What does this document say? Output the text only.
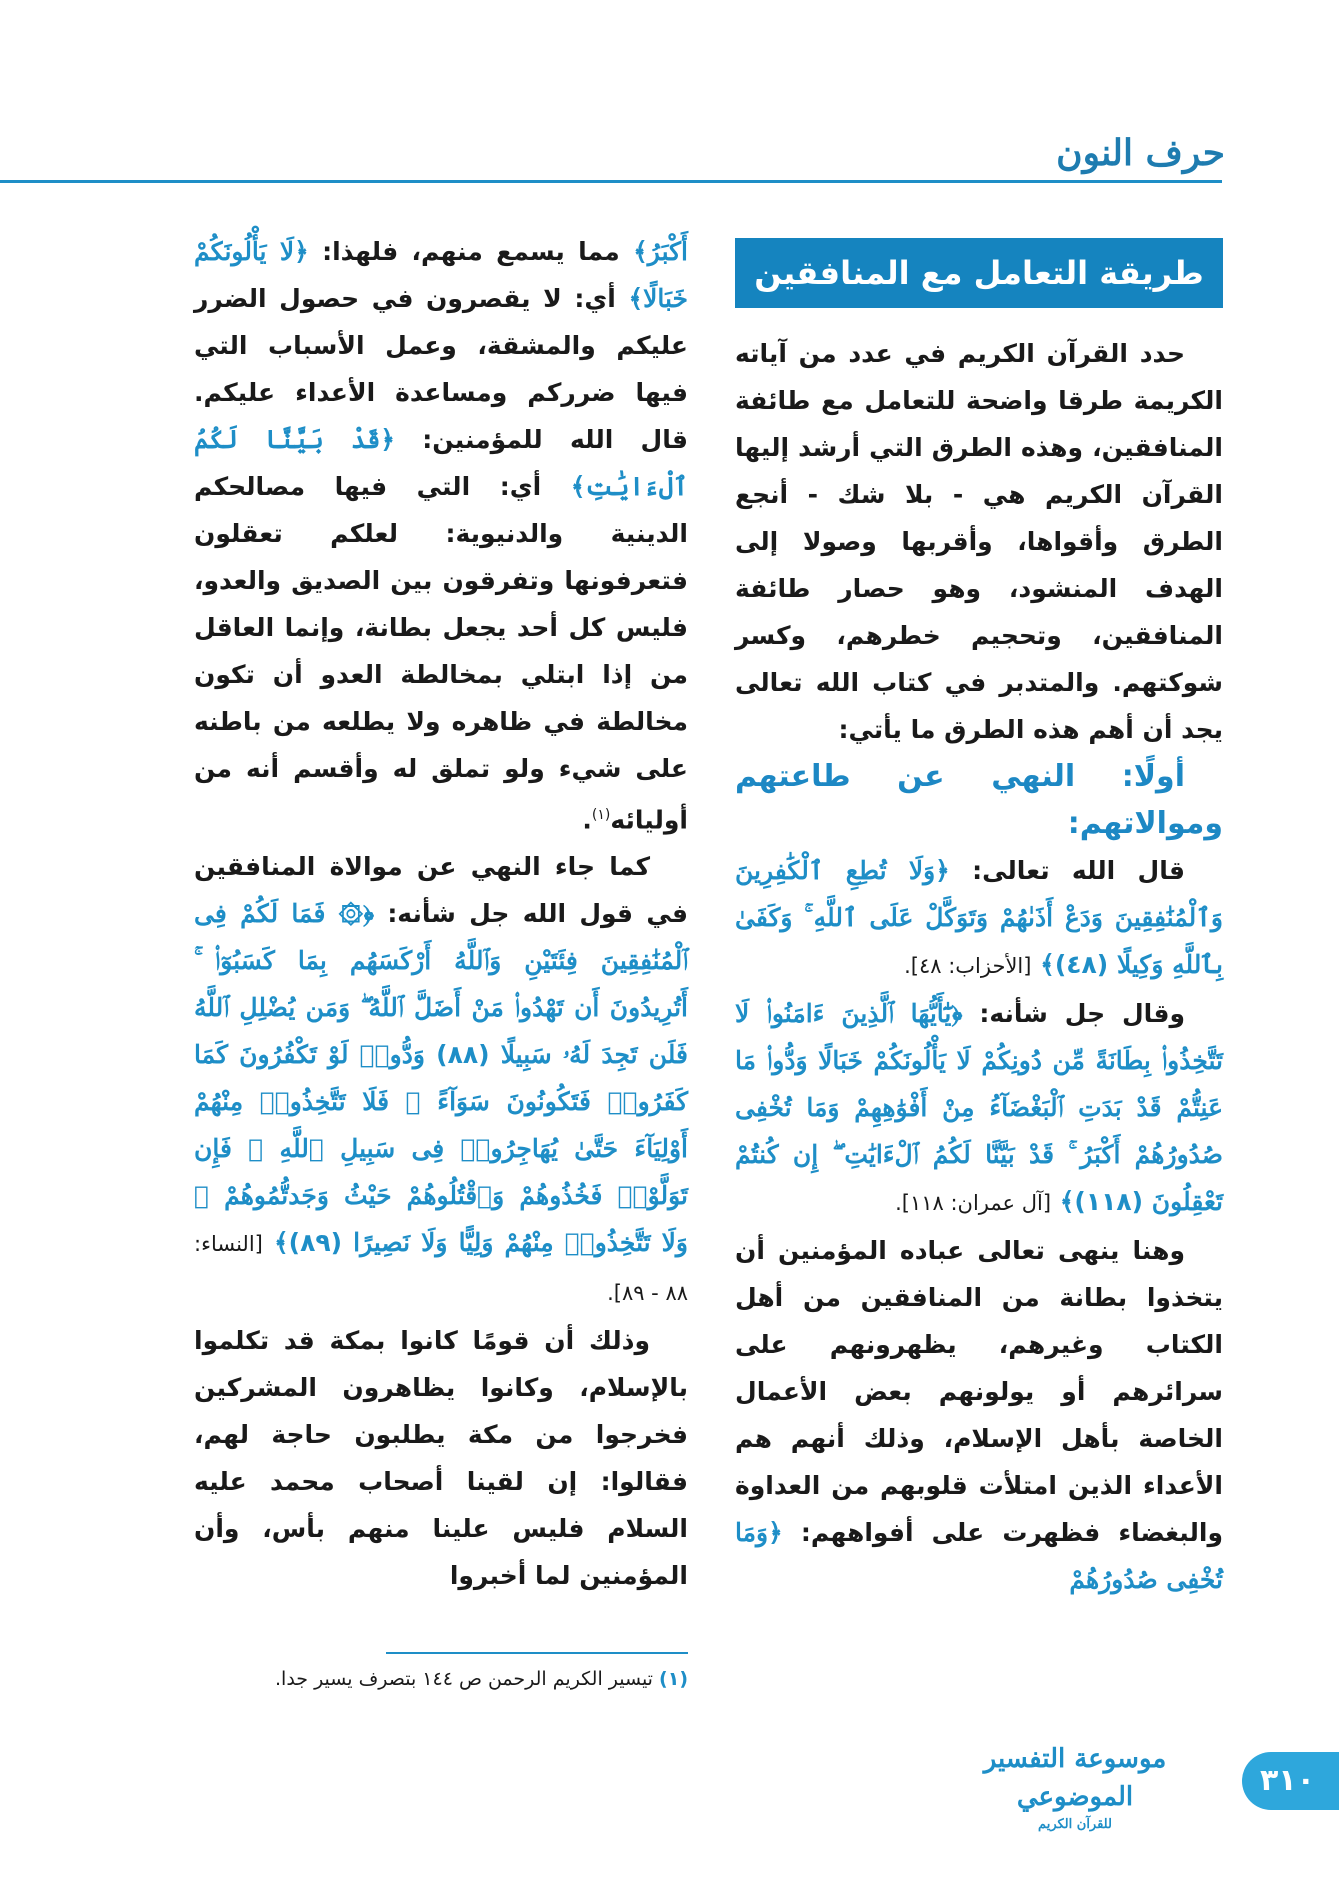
حرف النون
طريقة التعامل مع المنافقين

حدد القرآن الكريم في عدد من آياته الكريمة طرقا واضحة للتعامل مع طائفة المنافقين، وهذه الطرق التي أرشد إليها القرآن الكريم هي - بلا شك - أنجع الطرق وأقواها، وأقربها وصولا إلى الهدف المنشود، وهو حصار طائفة المنافقين، وتحجيم خطرهم، وكسر شوكتهم. والمتدبر في كتاب الله تعالى يجد أن أهم هذه الطرق ما يأتي:

أولًا: النهي عن طاعتهم وموالاتهم:

قال الله تعالى: ﴿وَلَا تُطِعِ ٱلْكَٰفِرِينَ وَٱلْمُنَٰفِقِينَ وَدَعْ أَذَىٰهُمْ وَتَوَكَّلْ عَلَى ٱللَّهِ ۚ وَكَفَىٰ بِٱللَّهِ وَكِيلًا (٤٨)﴾ [الأحزاب: ٤٨].

وقال جل شأنه: ﴿يَٰٓأَيُّهَا ٱلَّذِينَ ءَامَنُوا۟ لَا تَتَّخِذُوا۟ بِطَانَةً مِّن دُونِكُمْ لَا يَأْلُونَكُمْ خَبَالًا وَدُّوا۟ مَا عَنِتُّمْ قَدْ بَدَتِ ٱلْبَغْضَآءُ مِنْ أَفْوَٰهِهِمْ وَمَا تُخْفِى صُدُورُهُمْ أَكْبَرُ ۚ قَدْ بَيَّنَّا لَكُمُ ٱلْءَايَٰتِ ۖ إِن كُنتُمْ تَعْقِلُونَ (١١٨)﴾ [آل عمران: ١١٨].

وهنا ينهى تعالى عباده المؤمنين أن يتخذوا بطانة من المنافقين من أهل الكتاب وغيرهم، يظهرونهم على سرائرهم أو يولونهم بعض الأعمال الخاصة بأهل الإسلام، وذلك أنهم هم الأعداء الذين امتلأت قلوبهم من العداوة والبغضاء فظهرت على أفواههم: ﴿وَمَا تُخْفِى صُدُورُهُمْ

أَكْبَرُ﴾ مما يسمع منهم، فلهذا: ﴿لَا يَأْلُونَكُمْ خَبَالًا﴾ أي: لا يقصرون في حصول الضرر عليكم والمشقة، وعمل الأسباب التي فيها ضرركم ومساعدة الأعداء عليكم. قال الله للمؤمنين: ﴿قَدْ بَيَّنَّا لَكُمُ ٱلْءَايَٰتِ﴾ أي: التي فيها مصالحكم الدينية والدنيوية: لعلكم تعقلون فتعرفونها وتفرقون بين الصديق والعدو، فليس كل أحد يجعل بطانة، وإنما العاقل من إذا ابتلي بمخالطة العدو أن تكون مخالطة في ظاهره ولا يطلعه من باطنه على شيء ولو تملق له وأقسم أنه من أوليائه$^{(١)}$.

كما جاء النهي عن موالاة المنافقين في قول الله جل شأنه: ﴿۞ فَمَا لَكُمْ فِى ٱلْمُنَٰفِقِينَ فِئَتَيْنِ وَٱللَّهُ أَرْكَسَهُم بِمَا كَسَبُوٓا۟ ۚ أَتُرِيدُونَ أَن تَهْدُوا۟ مَنْ أَضَلَّ ٱللَّهُ ۖ وَمَن يُضْلِلِ ٱللَّهُ فَلَن تَجِدَ لَهُۥ سَبِيلًا (٨٨) وَدُّوا۟ لَوْ تَكْفُرُونَ كَمَا كَفَرُوا۟ فَتَكُونُونَ سَوَآءً ۖ فَلَا تَتَّخِذُوا۟ مِنْهُمْ أَوْلِيَآءَ حَتَّىٰ يُهَاجِرُوا۟ فِى سَبِيلِ ٱللَّهِ ۚ فَإِن تَوَلَّوْا۟ فَخُذُوهُمْ وَٱقْتُلُوهُمْ حَيْثُ وَجَدتُّمُوهُمْ ۖ وَلَا تَتَّخِذُوا۟ مِنْهُمْ وَلِيًّا وَلَا نَصِيرًا (٨٩)﴾ [النساء: ٨٨ - ٨٩].

وذلك أن قومًا كانوا بمكة قد تكلموا بالإسلام، وكانوا يظاهرون المشركين فخرجوا من مكة يطلبون حاجة لهم، فقالوا: إن لقينا أصحاب محمد عليه السلام فليس علينا منهم بأس، وأن المؤمنين لما أخبروا

(١) تيسير الكريم الرحمن ص ١٤٤ بتصرف يسير جدا.
موسوعة التفسير الموضوعي
للقرآن الكريم
٣١٠
